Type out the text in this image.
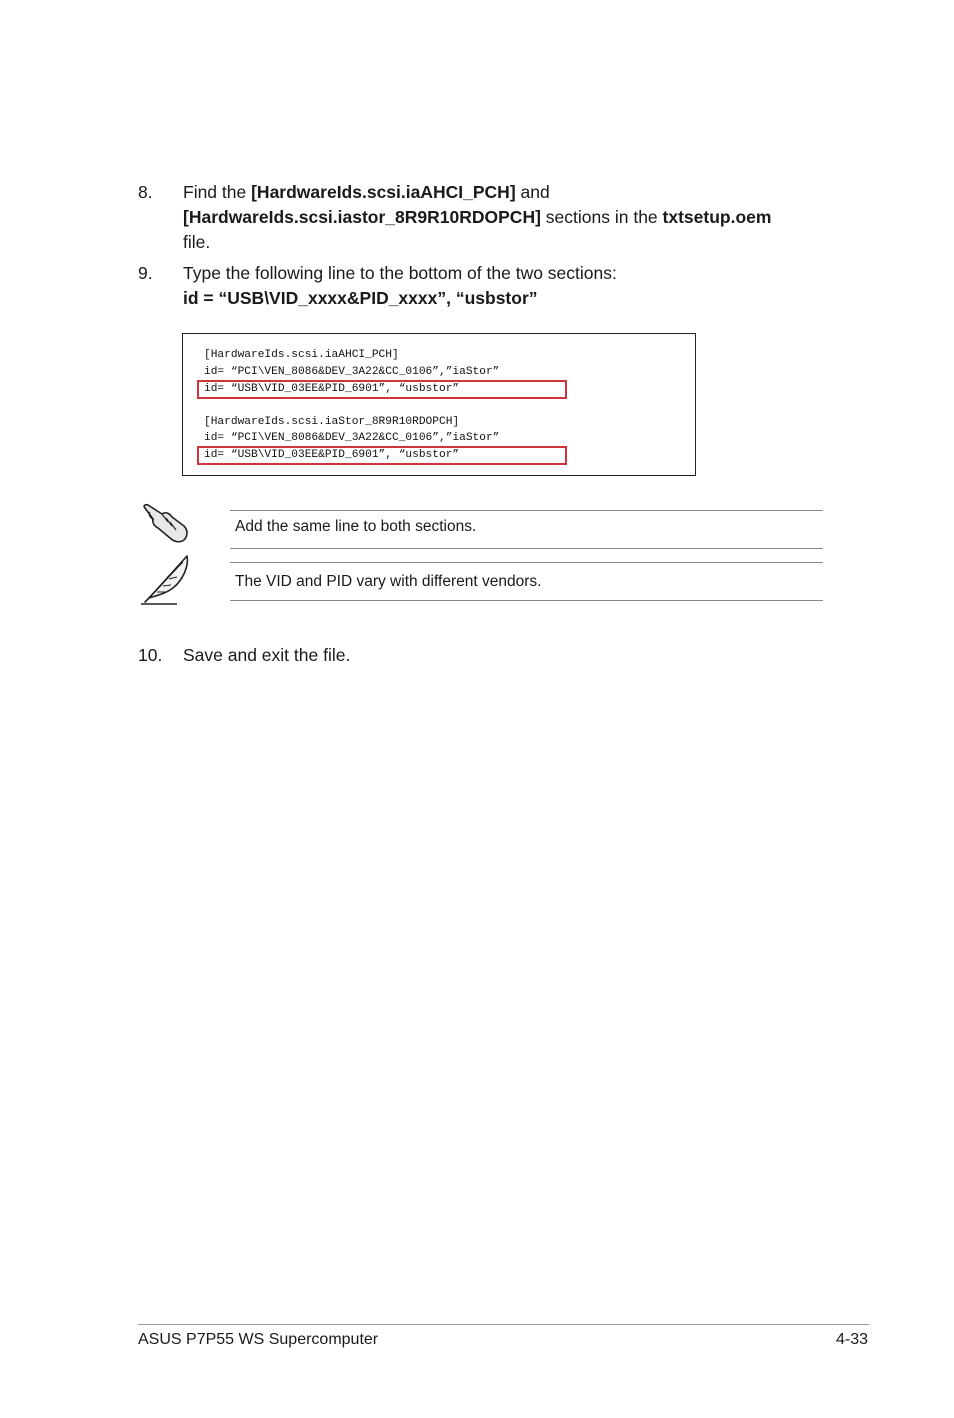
8. Find the [HardwareIds.scsi.iaAHCI_PCH] and
[HardwareIds.scsi.iastor_8R9R10RDOPCH] sections in the txtsetup.oem
file.
9. Type the following line to the bottom of the two sections:
id = “USB\VID_xxxx&PID_xxxx”, “usbstor”
[HardwareIds.scsi.iaAHCI_PCH]
id= “PCI\VEN_8086&DEV_3A22&CC_0106”,”iaStor”
id= “USB\VID_03EE&PID_6901”, “usbstor”
[HardwareIds.scsi.iaStor_8R9R10RDOPCH]
id= “PCI\VEN_8086&DEV_3A22&CC_0106”,”iaStor”
id= “USB\VID_03EE&PID_6901”, “usbstor”
Add the same line to both sections.
The VID and PID vary with different vendors.
10. Save and exit the file.
ASUS P7P55 WS Supercomputer	4-33
